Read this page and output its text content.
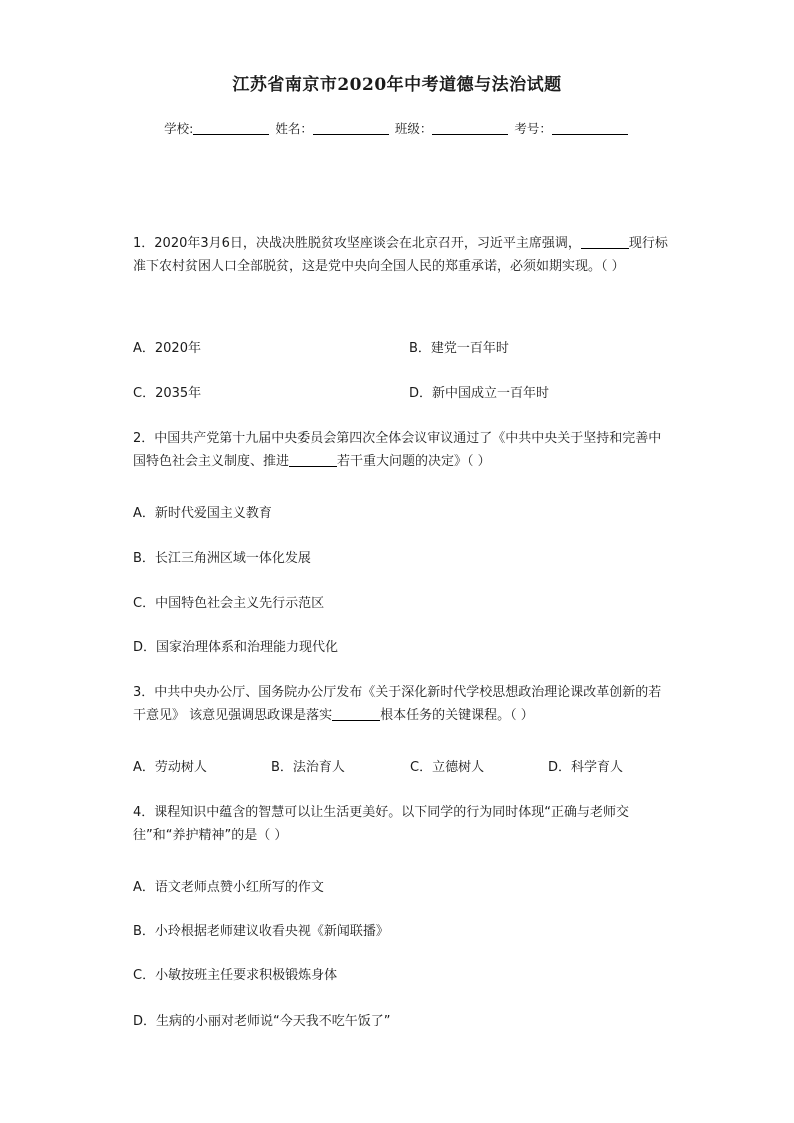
江苏省南京市2020年中考道德与法治试题
学校:	姓名：	班级：	考号：
1．2020年3月6日，决战决胜脱贫攻坚座谈会在北京召开，习近平主席强调，	现行标准下农村贫困人口全部脱贫，这是党中央向全国人民的郑重承诺，必须如期实现。（ ）
A．2020年	B．建党一百年时
C．2035年	D．新中国成立一百年时
2．中国共产党第十九届中央委员会第四次全体会议审议通过了《中共中央关于坚持和完善中国特色社会主义制度、推进	若干重大问题的决定》（ ）
A．新时代爱国主义教育
B．长江三角洲区域一体化发展
C．中国特色社会主义先行示范区
D．国家治理体系和治理能力现代化
3．中共中央办公厅、国务院办公厅发布《关于深化新时代学校思想政治理论课改革创新的若干意见》 该意见强调思政课是落实	根本任务的关键课程。（ ）
A．劳动树人	B．法治育人	C．立德树人	D．科学育人
4．课程知识中蕴含的智慧可以让生活更美好。以下同学的行为同时体现“正确与老师交往”和“养护精神”的是（ ）
A．语文老师点赞小红所写的作文
B．小玲根据老师建议收看央视《新闻联播》
C．小敏按班主任要求积极锻炼身体
D．生病的小丽对老师说“今天我不吃午饭了”
